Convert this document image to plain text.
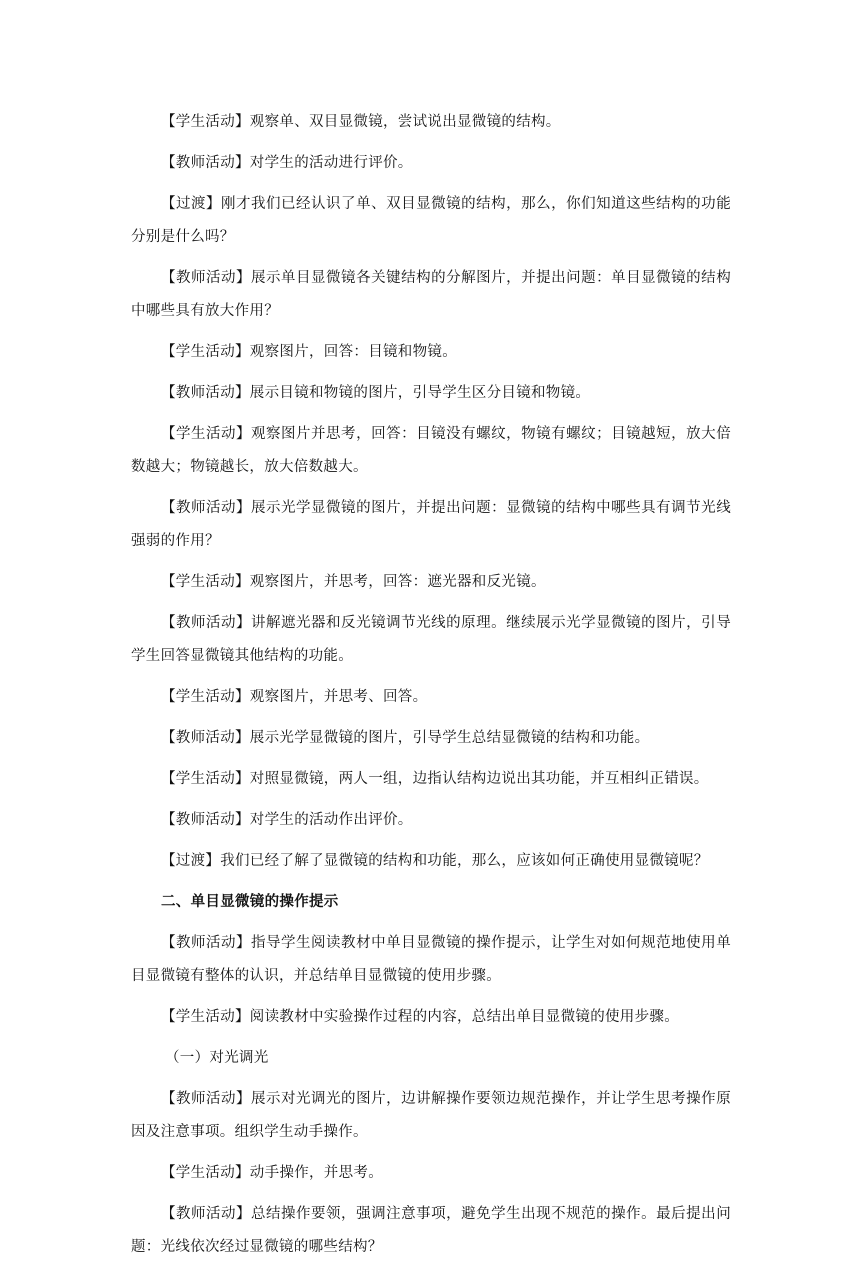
【学生活动】观察单、双目显微镜，尝试说出显微镜的结构。

【教师活动】对学生的活动进行评价。

【过渡】刚才我们已经认识了单、双目显微镜的结构，那么，你们知道这些结构的功能分别是什么吗？

【教师活动】展示单目显微镜各关键结构的分解图片，并提出问题：单目显微镜的结构中哪些具有放大作用？

【学生活动】观察图片，回答：目镜和物镜。

【教师活动】展示目镜和物镜的图片，引导学生区分目镜和物镜。

【学生活动】观察图片并思考，回答：目镜没有螺纹，物镜有螺纹；目镜越短，放大倍数越大；物镜越长，放大倍数越大。

【教师活动】展示光学显微镜的图片，并提出问题：显微镜的结构中哪些具有调节光线强弱的作用？

【学生活动】观察图片，并思考，回答：遮光器和反光镜。

【教师活动】讲解遮光器和反光镜调节光线的原理。继续展示光学显微镜的图片，引导学生回答显微镜其他结构的功能。

【学生活动】观察图片，并思考、回答。

【教师活动】展示光学显微镜的图片，引导学生总结显微镜的结构和功能。

【学生活动】对照显微镜，两人一组，边指认结构边说出其功能，并互相纠正错误。

【教师活动】对学生的活动作出评价。

【过渡】我们已经了解了显微镜的结构和功能，那么，应该如何正确使用显微镜呢？

二、单目显微镜的操作提示

【教师活动】指导学生阅读教材中单目显微镜的操作提示，让学生对如何规范地使用单目显微镜有整体的认识，并总结单目显微镜的使用步骤。

【学生活动】阅读教材中实验操作过程的内容，总结出单目显微镜的使用步骤。

（一）对光调光

【教师活动】展示对光调光的图片，边讲解操作要领边规范操作，并让学生思考操作原因及注意事项。组织学生动手操作。

【学生活动】动手操作，并思考。

【教师活动】总结操作要领，强调注意事项，避免学生出现不规范的操作。最后提出问题：光线依次经过显微镜的哪些结构？
